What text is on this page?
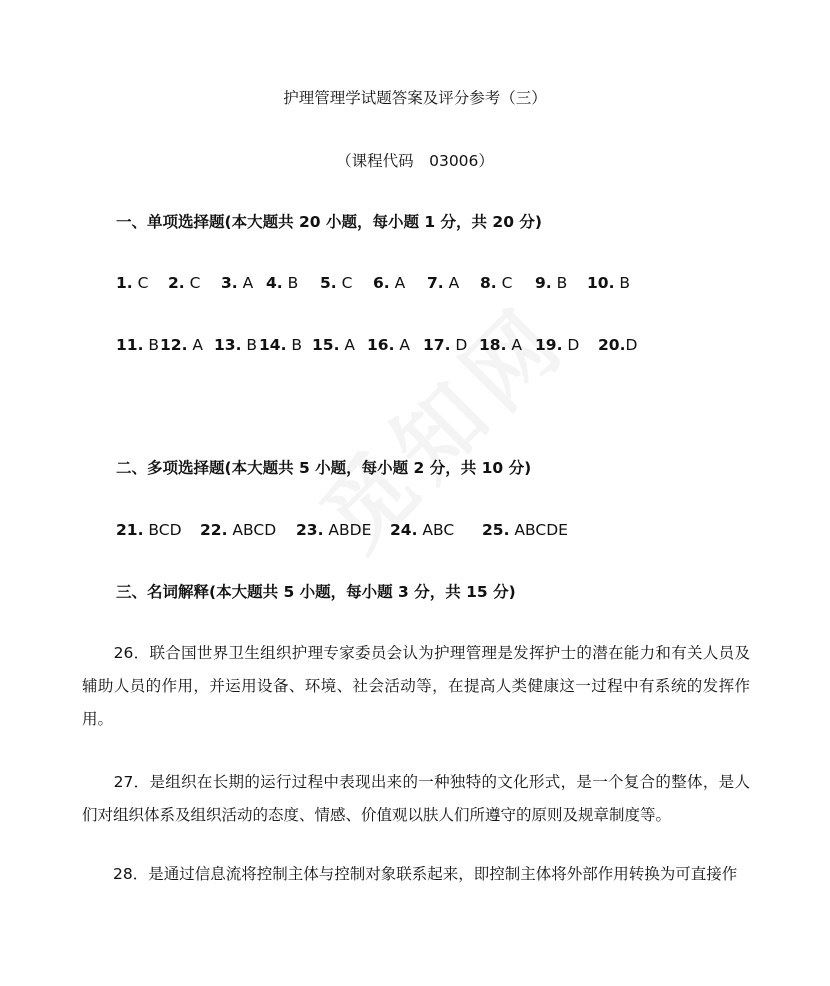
护理管理学试题答案及评分参考（三）
（课程代码　03006）
一、单项选择题(本大题共 20 小题，每小题 1 分，共 20 分)
1. C 2. C 3. A 4. B 5. C 6. A 7. A 8. C 9. B 10. B
11. B 12. A 13. B 14. B 15. A 16. A 17. D 18. A 19. D 20.D
二、多项选择题(本大题共 5 小题，每小题 2 分，共 10 分)
21. BCD 22. ABCD 23. ABDE 24. ABC 25. ABCDE
三、名词解释(本大题共 5 小题，每小题 3 分，共 15 分)
　　26．联合国世界卫生组织护理专家委员会认为护理管理是发挥护士的潜在能力和有关人员及辅助人员的作用，并运用设备、环境、社会活动等，在提高人类健康这一过程中有系统的发挥作用。
　　27．是组织在长期的运行过程中表现出来的一种独特的文化形式，是一个复合的整体，是人们对组织体系及组织活动的态度、情感、价值观以肤人们所遵守的原则及规章制度等。
　　28．是通过信息流将控制主体与控制对象联系起来，即控制主体将外部作用转换为可直接作
